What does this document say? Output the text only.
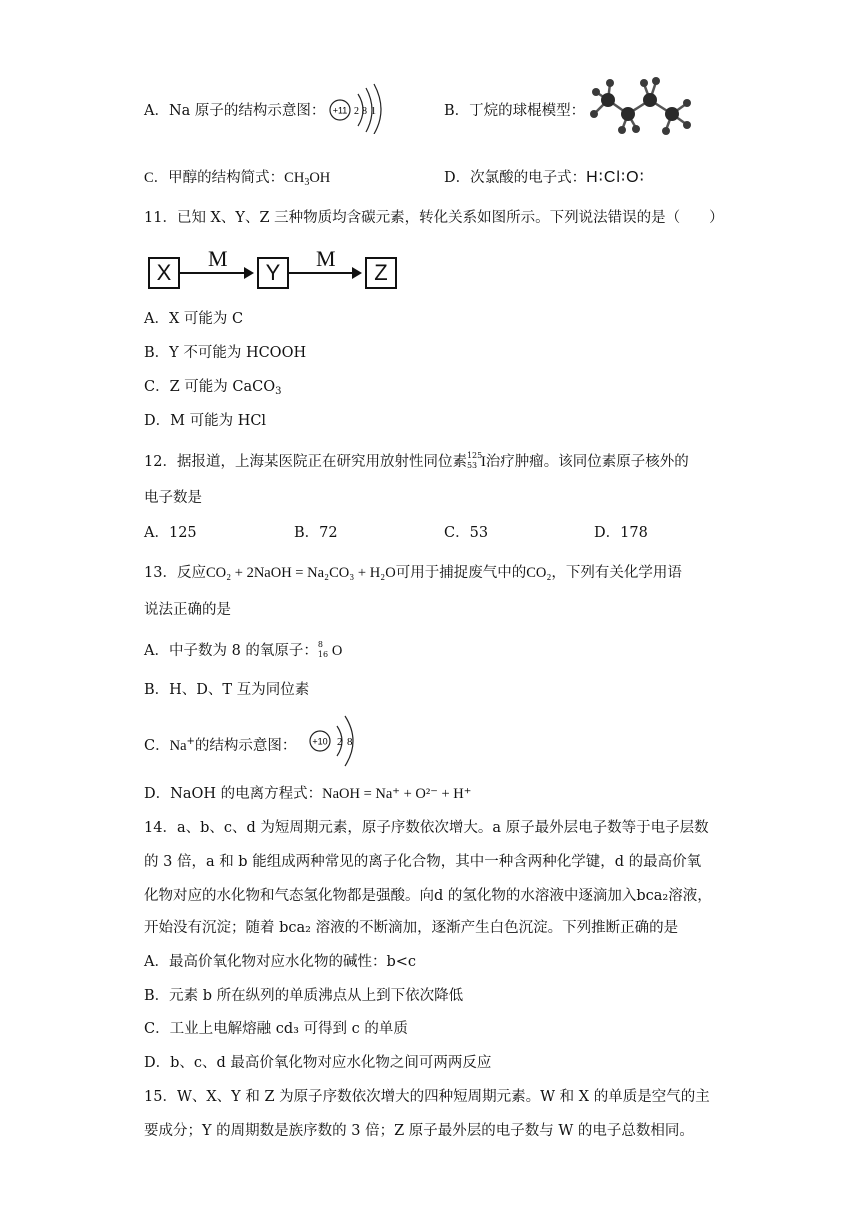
A．Na 原子的结构示意图： +11 2 8 1	B．丁烷的球棍模型：
C．甲醇的结构简式：$CH_3OH$	D．次氯酸的电子式：H∶Cl∶O∶
11．已知 X、Y、Z 三种物质均含碳元素，转化关系如图所示。下列说法错误的是（　　）
X	Y	Z
M	M
A．X 可能为 C
B．Y 不可能为 HCOOH
C．Z 可能为 CaCO$_3$
D．M 可能为 HCl
12．据报道，上海某医院正在研究用放射性同位素 125
53 I治疗肿瘤。该同位素原子核外的
电子数是
A．125	B．72	C．53	D．178
13．反应CO₂ + 2NaOH = Na₂CO₃ + H₂O可用于捕捉废气中的CO₂，下列有关化学用语
说法正确的是
A．中子数为 8 的氧原子： 8
16 O
B．H、D、T 互为同位素
C．Na+的结构示意图： +10 2 8
D．NaOH 的电离方程式：NaOH = Na⁺ + O²⁻ + H⁺
14．a、b、c、d 为短周期元素，原子序数依次增大。a 原子最外层电子数等于电子层数
的 3 倍，a 和 b 能组成两种常见的离子化合物，其中一种含两种化学键，d 的最高价氧
化物对应的水化物和气态氢化物都是强酸。向d 的氢化物的水溶液中逐滴加入bca₂溶液，
开始没有沉淀；随着 bca₂ 溶液的不断滴加，逐渐产生白色沉淀。下列推断正确的是
A．最高价氧化物对应水化物的碱性：b<c
B．元素 b 所在纵列的单质沸点从上到下依次降低
C．工业上电解熔融 cd₃ 可得到 c 的单质
D．b、c、d 最高价氧化物对应水化物之间可两两反应
15．W、X、Y 和 Z 为原子序数依次增大的四种短周期元素。W 和 X 的单质是空气的主
要成分；Y 的周期数是族序数的 3 倍；Z 原子最外层的电子数与 W 的电子总数相同。
